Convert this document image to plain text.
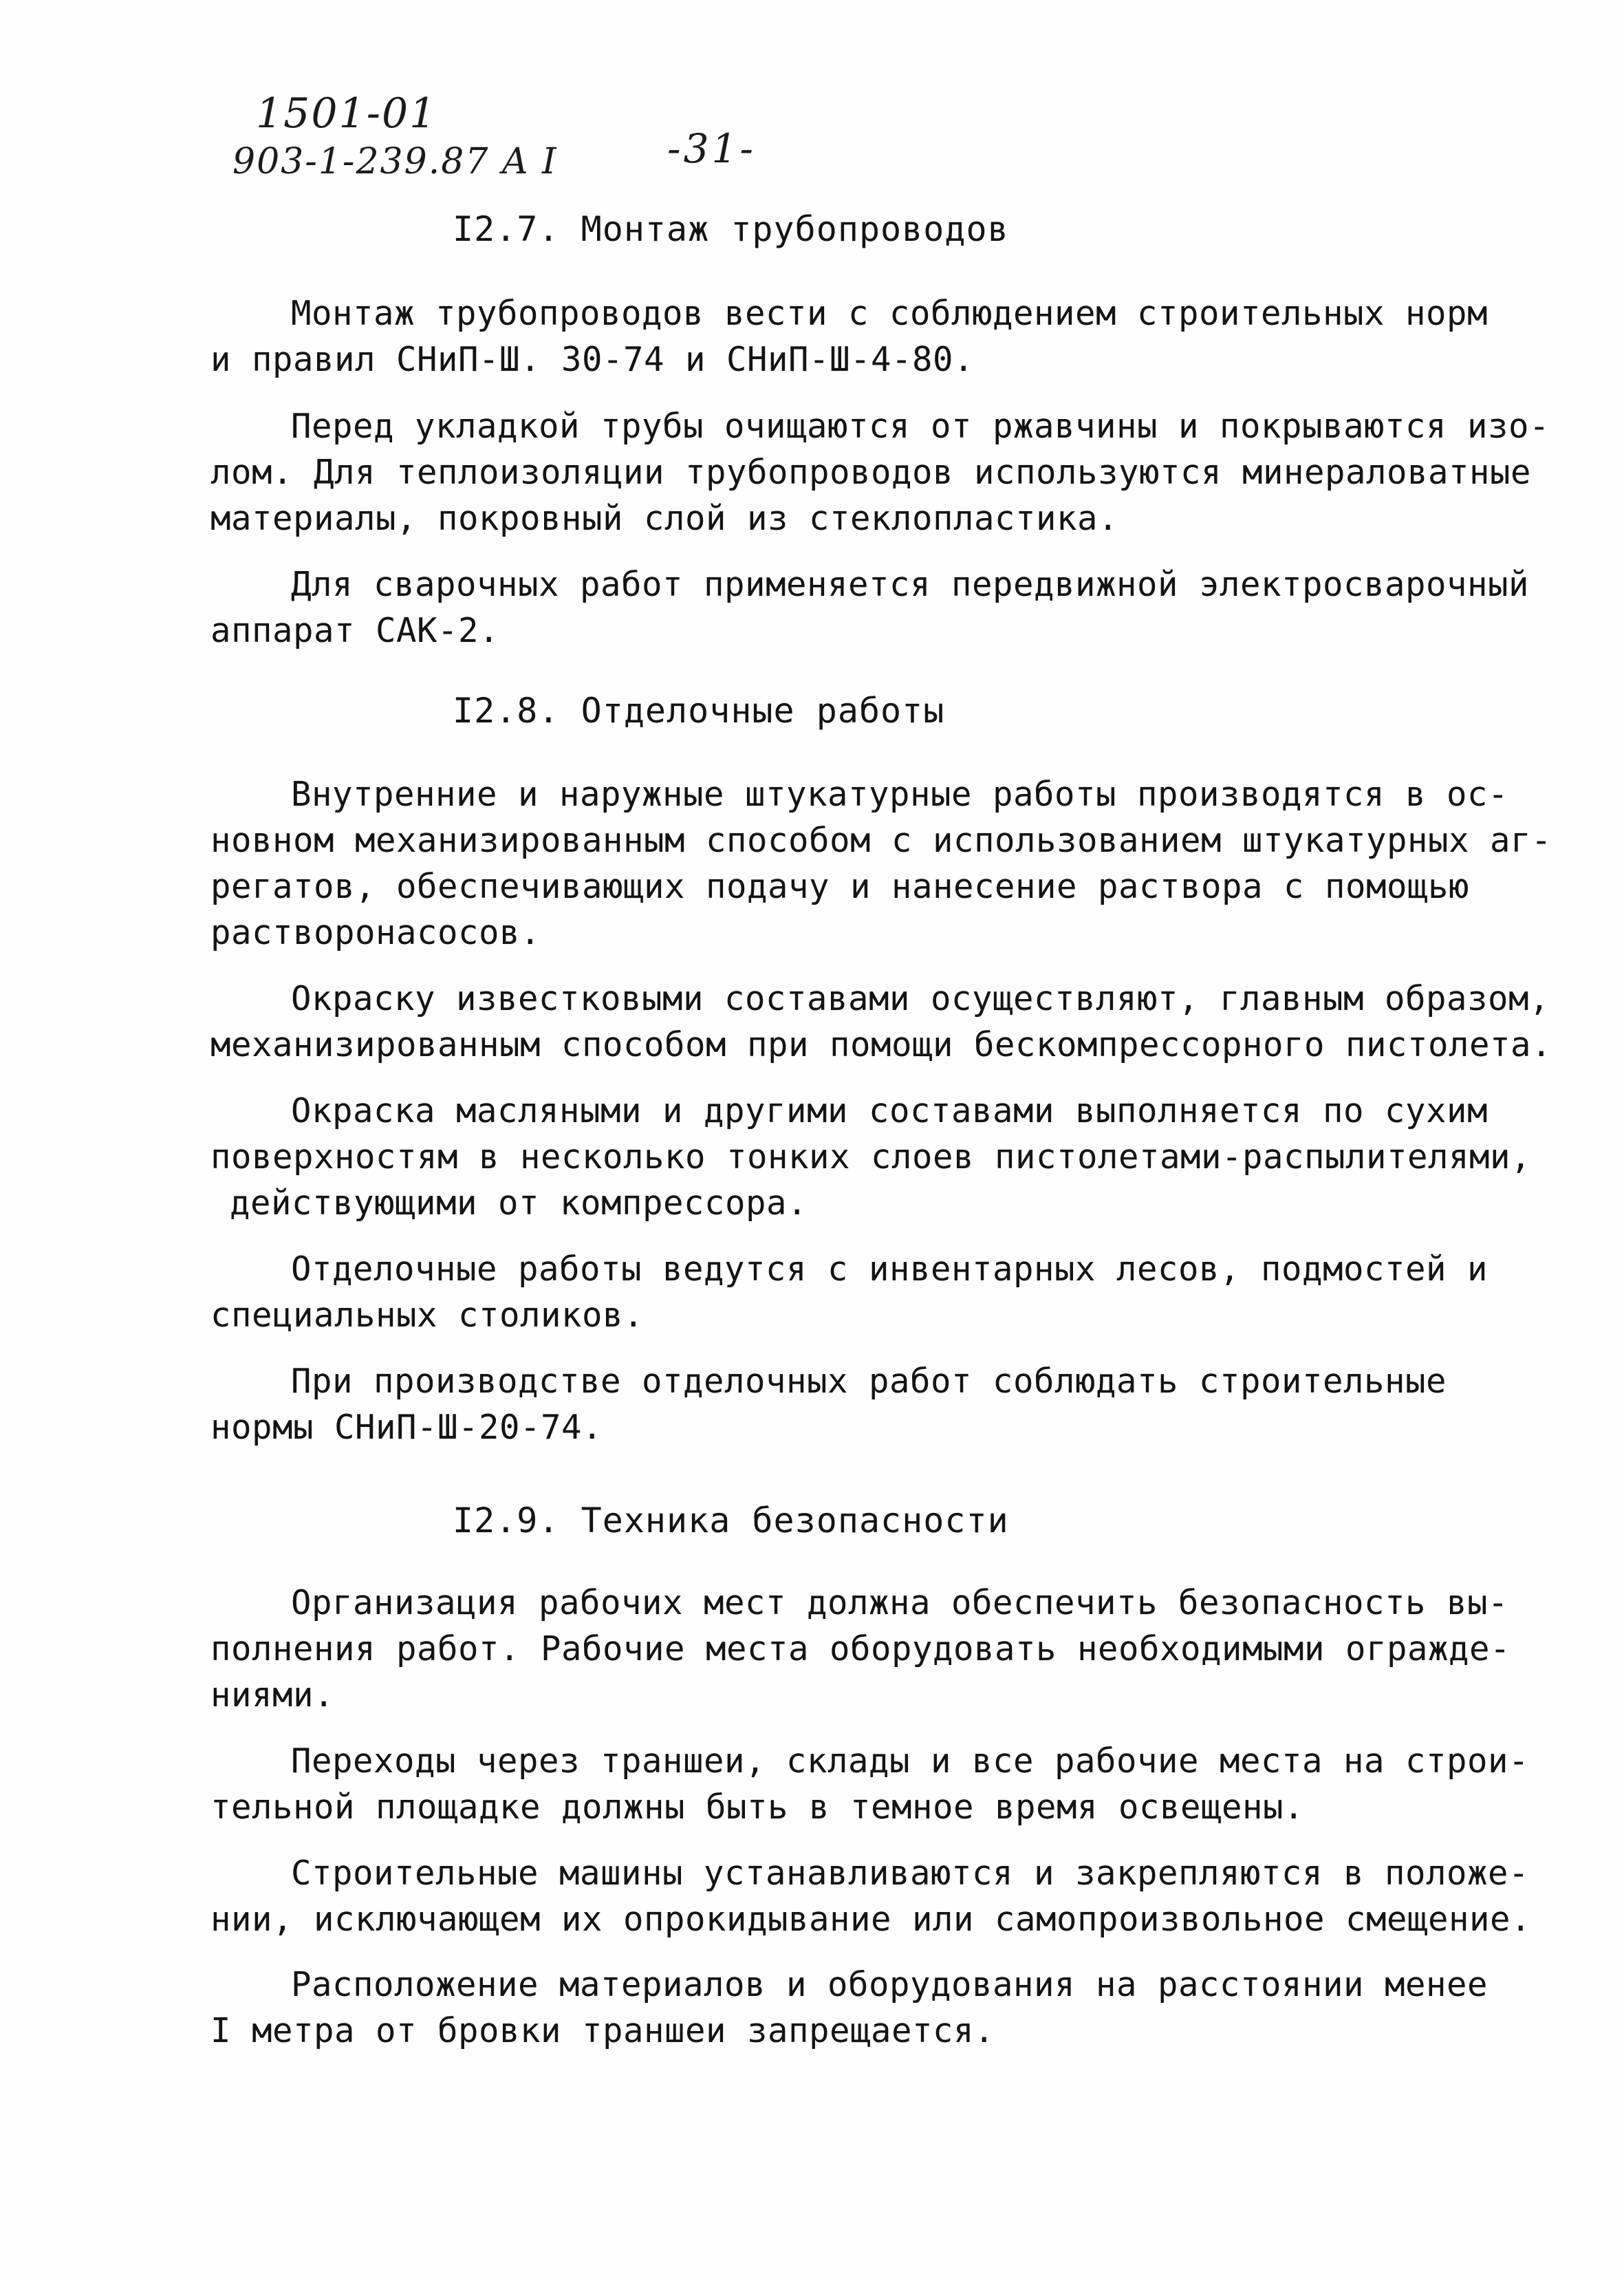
1501-01
903-1-239.87 A I	-31-
I2.7. Монтаж трубопроводов
Монтаж трубопроводов вести с соблюдением строительных норм
и правил СНиП-Ш. 30-74 и СНиП-Ш-4-80.
Перед укладкой трубы очищаются от ржавчины и покрываются изо-
лом. Для теплоизоляции трубопроводов используются минераловатные
материалы, покровный слой из стеклопластика.
Для сварочных работ применяется передвижной электросварочный
аппарат САК-2.
I2.8. Отделочные работы
Внутренние и наружные штукатурные работы производятся в ос-
новном механизированным способом с использованием штукатурных аг-
регатов, обеспечивающих подачу и нанесение раствора с помощью
растворонасосов.
Окраску известковыми составами осуществляют, главным образом,
механизированным способом при помощи бескомпрессорного пистолета.
Окраска масляными и другими составами выполняется по сухим
поверхностям в несколько тонких слоев пистолетами-распылителями,
действующими от компрессора.
Отделочные работы ведутся с инвентарных лесов, подмостей и
специальных столиков.
При производстве отделочных работ соблюдать строительные
нормы СНиП-Ш-20-74.
I2.9. Техника безопасности
Организация рабочих мест должна обеспечить безопасность вы-
полнения работ. Рабочие места оборудовать необходимыми огражде-
ниями.
Переходы через траншеи, склады и все рабочие места на строи-
тельной площадке должны быть в темное время освещены.
Строительные машины устанавливаются и закрепляются в положе-
нии, исключающем их опрокидывание или самопроизвольное смещение.
Расположение материалов и оборудования на расстоянии менее
I метра от бровки траншеи запрещается.
